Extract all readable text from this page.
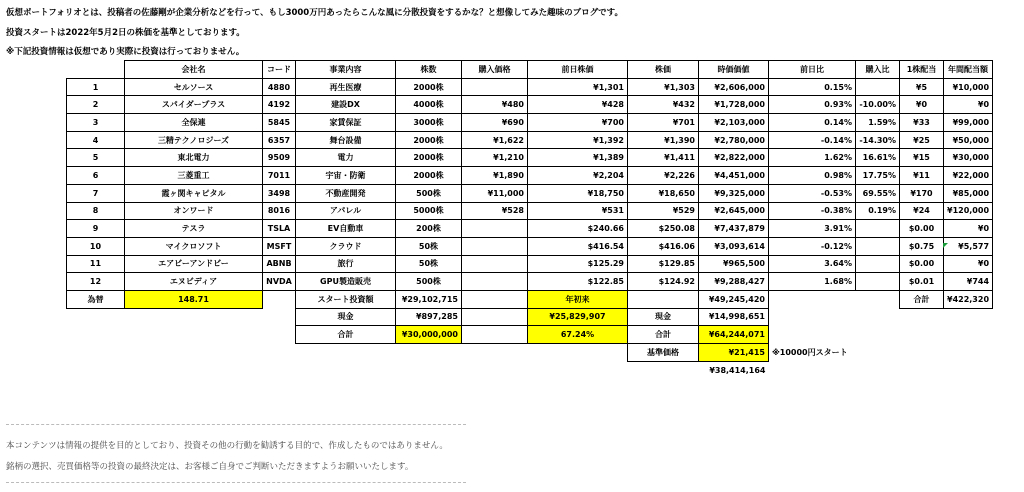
仮想ポートフォリオとは、投稿者の佐藤剛が企業分析などを行って、もし3000万円あったらこんな風に分散投資をするかな？と想像してみた趣味のブログです。
投資スタートは2022年5月2日の株価を基準としております。
※下記投資情報は仮想であり実際に投資は行っておりません。
	会社名	コード	事業内容	株数	購入価格	前日株価	株価	時価価値	前日比	購入比	1株配当	年間配当額
1	セルソース	4880	再生医療	2000株		¥1,301	¥1,303	¥2,606,000	0.15%		¥5	¥10,000
2	スパイダープラス	4192	建設DX	4000株	¥480	¥428	¥432	¥1,728,000	0.93%	-10.00%	¥0	¥0
3	全保連	5845	家賃保証	3000株	¥690	¥700	¥701	¥2,103,000	0.14%	1.59%	¥33	¥99,000
4	三精テクノロジーズ	6357	舞台設備	2000株	¥1,622	¥1,392	¥1,390	¥2,780,000	-0.14%	-14.30%	¥25	¥50,000
5	東北電力	9509	電力	2000株	¥1,210	¥1,389	¥1,411	¥2,822,000	1.62%	16.61%	¥15	¥30,000
6	三菱重工	7011	宇宙・防衛	2000株	¥1,890	¥2,204	¥2,226	¥4,451,000	0.98%	17.75%	¥11	¥22,000
7	霞ヶ関キャピタル	3498	不動産開発	500株	¥11,000	¥18,750	¥18,650	¥9,325,000	-0.53%	69.55%	¥170	¥85,000
8	オンワード	8016	アパレル	5000株	¥528	¥531	¥529	¥2,645,000	-0.38%	0.19%	¥24	¥120,000
9	テスラ	TSLA	EV自動車	200株		$240.66	$250.08	¥7,437,879	3.91%		$0.00	¥0
10	マイクロソフト	MSFT	クラウド	50株		$416.54	$416.06	¥3,093,614	-0.12%		$0.75	¥5,577
11	エアビーアンドビー	ABNB	旅行	50株		$125.29	$129.85	¥965,500	3.64%		$0.00	¥0
12	エヌビディア	NVDA	GPU製造販売	500株		$122.85	$124.92	¥9,288,427	1.68%		$0.01	¥744
為替	148.71		スタート投資額	¥29,102,715		年初来		¥49,245,420			合計	¥422,320
			現金	¥897,285		¥25,829,907	現金	¥14,998,651				
			合計	¥30,000,000		67.24%	合計	¥64,244,071				
							基準価格	¥21,415	※10000円スタート			
								¥38,414,164				
本コンテンツは情報の提供を目的としており、投資その他の行動を勧誘する目的で、作成したものではありません。
銘柄の選択、売買価格等の投資の最終決定は、お客様ご自身でご判断いただきますようお願いいたします。
